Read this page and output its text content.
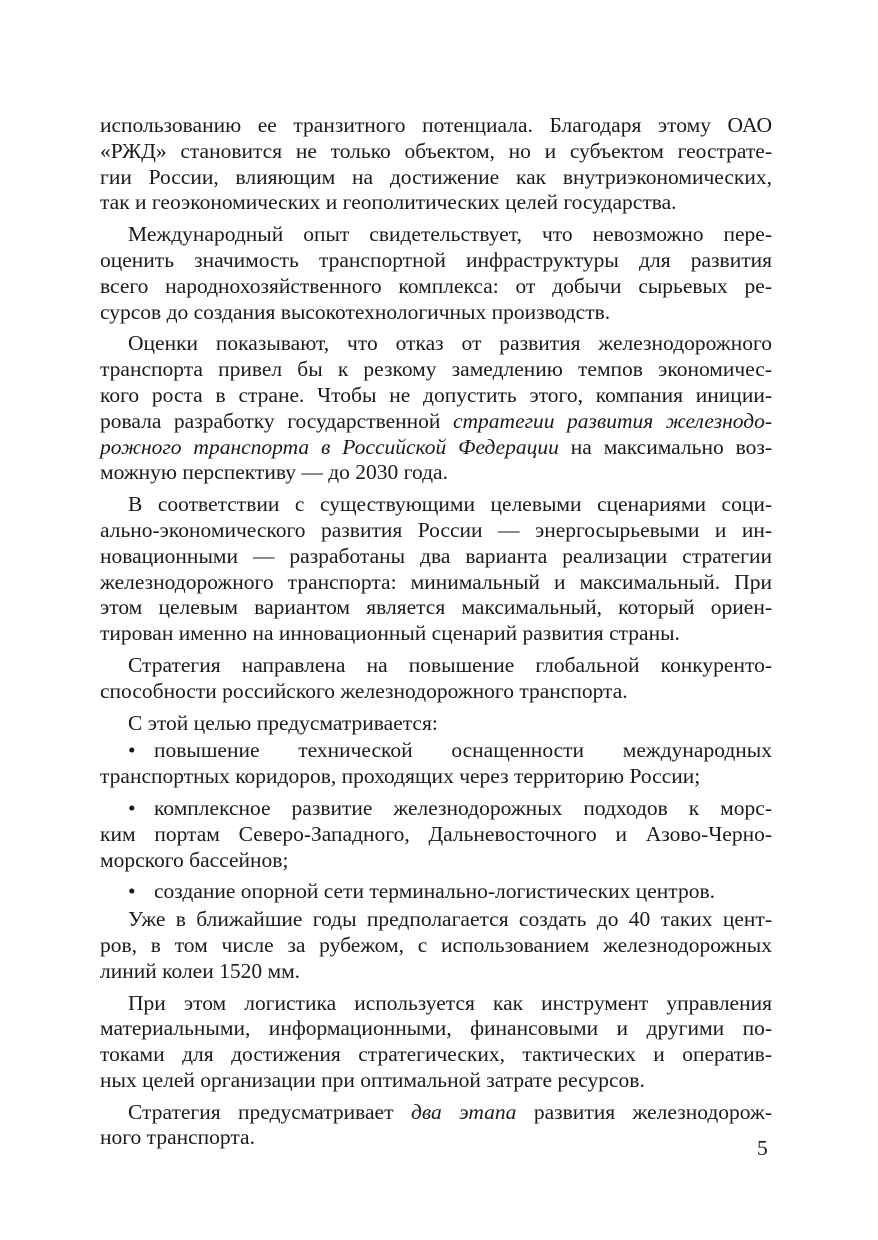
использованию ее транзитного потенциала. Благодаря этому ОАО
«РЖД» становится не только объектом, но и субъектом геострате-
гии России, влияющим на достижение как внутриэкономических,
так и геоэкономических и геополитических целей государства.
Международный опыт свидетельствует, что невозможно пере-
оценить значимость транспортной инфраструктуры для развития
всего народнохозяйственного комплекса: от добычи сырьевых ре-
сурсов до создания высокотехнологичных производств.
Оценки показывают, что отказ от развития железнодорожного
транспорта привел бы к резкому замедлению темпов экономичес-
кого роста в стране. Чтобы не допустить этого, компания иниции-
ровала разработку государственной стратегии развития железнодо-
рожного транспорта в Российской Федерации на максимально воз-
можную перспективу — до 2030 года.
В соответствии с существующими целевыми сценариями соци-
ально-экономического развития России — энергосырьевыми и ин-
новационными — разработаны два варианта реализации стратегии
железнодорожного транспорта: минимальный и максимальный. При
этом целевым вариантом является максимальный, который ориен-
тирован именно на инновационный сценарий развития страны.
Стратегия направлена на повышение глобальной конкуренто-
способности российского железнодорожного транспорта.
С этой целью предусматривается:
• повышение технической оснащенности международных
транспортных коридоров, проходящих через территорию России;
• комплексное развитие железнодорожных подходов к морс-
ким портам Северо-Западного, Дальневосточного и Азово-Черно-
морского бассейнов;
• создание опорной сети терминально-логистических центров.
Уже в ближайшие годы предполагается создать до 40 таких цент-
ров, в том числе за рубежом, с использованием железнодорожных
линий колеи 1520 мм.
При этом логистика используется как инструмент управления
материальными, информационными, финансовыми и другими по-
токами для достижения стратегических, тактических и оператив-
ных целей организации при оптимальной затрате ресурсов.
Стратегия предусматривает два этапа развития железнодорож-
ного транспорта.	5
